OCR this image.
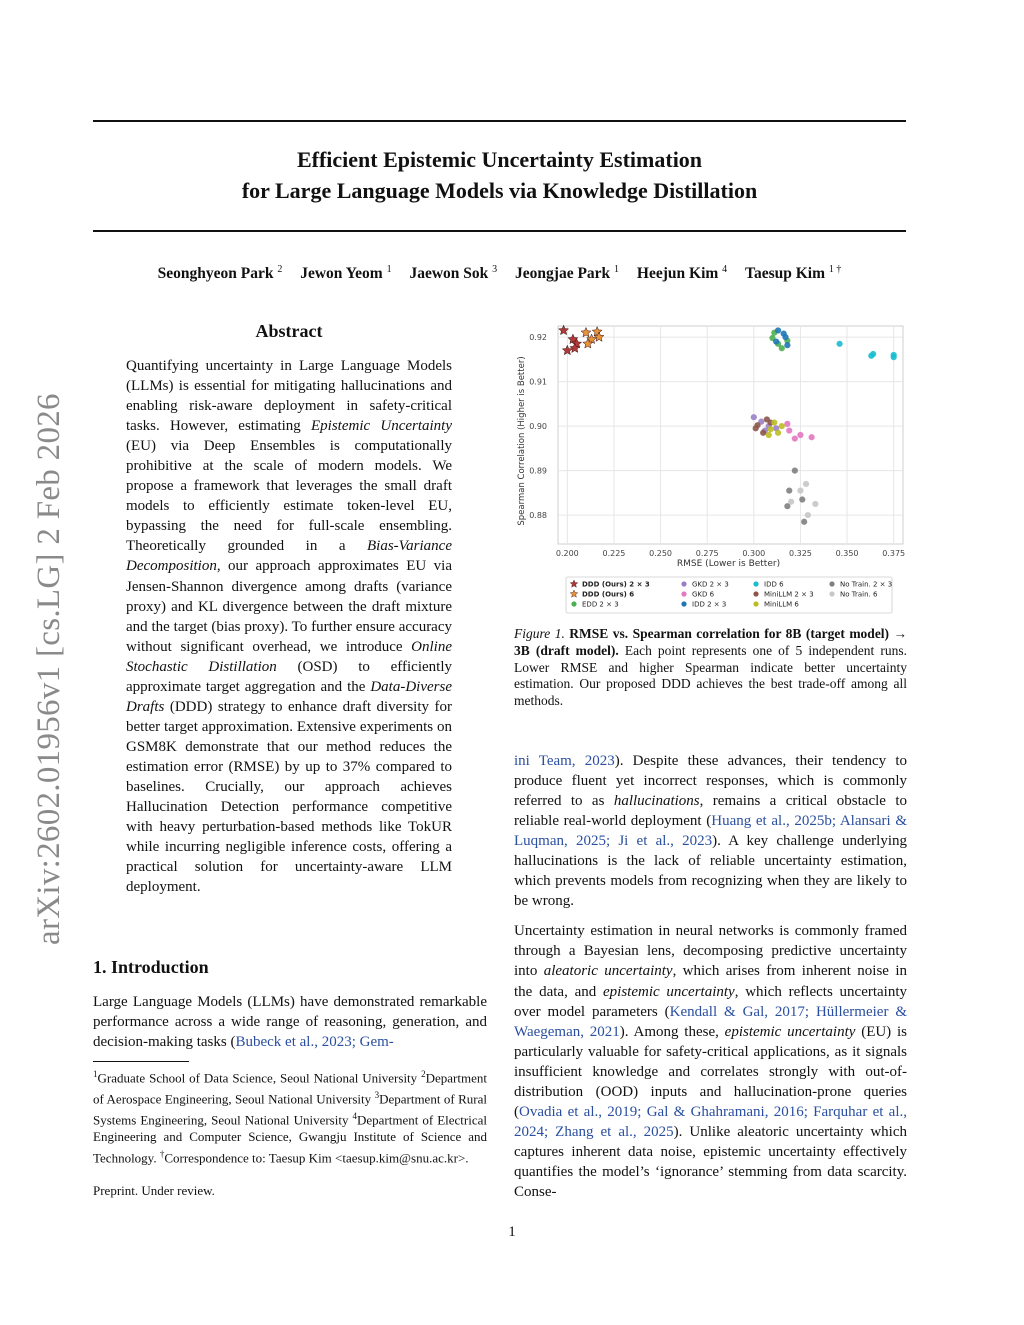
Efficient Epistemic Uncertainty Estimation
for Large Language Models via Knowledge Distillation
Seonghyeon Park $^2$ Jewon Yeom $^1$ Jaewon Sok $^3$ Jeongjae Park $^1$ Heejun Kim $^4$ Taesup Kim $^{1 \dagger}$
arXiv:2602.01956v1 [cs.LG] 2 Feb 2026
Abstract
Quantifying uncertainty in Large Language Models (LLMs) is essential for mitigating hallucinations and enabling risk-aware deployment in safety-critical tasks. However, estimating Epistemic Uncertainty (EU) via Deep Ensembles is computationally prohibitive at the scale of modern models. We propose a framework that leverages the small draft models to efficiently estimate token-level EU, bypassing the need for full-scale ensembling. Theoretically grounded in a Bias-Variance Decomposition, our approach approximates EU via Jensen-Shannon divergence among drafts (variance proxy) and KL divergence between the draft mixture and the target (bias proxy). To further ensure accuracy without significant overhead, we introduce Online Stochastic Distillation (OSD) to efficiently approximate target aggregation and the Data-Diverse Drafts (DDD) strategy to enhance draft diversity for better target approximation. Extensive experiments on GSM8K demonstrate that our method reduces the estimation error (RMSE) by up to 37% compared to baselines. Crucially, our approach achieves Hallucination Detection performance competitive with heavy perturbation-based methods like TokUR while incurring negligible inference costs, offering a practical solution for uncertainty-aware LLM deployment.
1. Introduction
Large Language Models (LLMs) have demonstrated remarkable performance across a wide range of reasoning, generation, and decision-making tasks (Bubeck et al., 2023; Gem-
$^1$Graduate School of Data Science, Seoul National University $^2$Department of Aerospace Engineering, Seoul National University $^3$Department of Rural Systems Engineering, Seoul National University $^4$Department of Electrical Engineering and Computer Science, Gwangju Institute of Science and Technology. †Correspondence to: Taesup Kim <taesup.kim@snu.ac.kr>.
Preprint. Under review.
1
0.200	0.225	0.250	0.275	0.300	0.325	0.350	0.375
0.88
0.89
0.90
0.91
0.92
RMSE (Lower is Better)
Spearman Correlation (Higher is Better)
DDD (Ours) 2 × 3
DDD (Ours) 6
EDD 2 × 3
GKD 2 × 3
GKD 6
IDD 2 × 3
IDD 6
MiniLLM 2 × 3
MiniLLM 6
No Train. 2 × 3
No Train. 6
Figure 1. RMSE vs. Spearman correlation for 8B (target model) → 3B (draft model). Each point represents one of 5 independent runs. Lower RMSE and higher Spearman indicate better uncertainty estimation. Our proposed DDD achieves the best trade-off among all methods.

ini Team, 2023). Despite these advances, their tendency to produce fluent yet incorrect responses, which is commonly referred to as hallucinations, remains a critical obstacle to reliable real-world deployment (Huang et al., 2025b; Alansari & Luqman, 2025; Ji et al., 2023). A key challenge underlying hallucinations is the lack of reliable uncertainty estimation, which prevents models from recognizing when they are likely to be wrong.

Uncertainty estimation in neural networks is commonly framed through a Bayesian lens, decomposing predictive uncertainty into aleatoric uncertainty, which arises from inherent noise in the data, and epistemic uncertainty, which reflects uncertainty over model parameters (Kendall & Gal, 2017; Hüllermeier & Waegeman, 2021). Among these, epistemic uncertainty (EU) is particularly valuable for safety-critical applications, as it signals insufficient knowledge and correlates strongly with out-of-distribution (OOD) inputs and hallucination-prone queries (Ovadia et al., 2019; Gal & Ghahramani, 2016; Farquhar et al., 2024; Zhang et al., 2025). Unlike aleatoric uncertainty which captures inherent data noise, epistemic uncertainty effectively quantifies the model’s ‘ignorance’ stemming from data scarcity. Conse-
